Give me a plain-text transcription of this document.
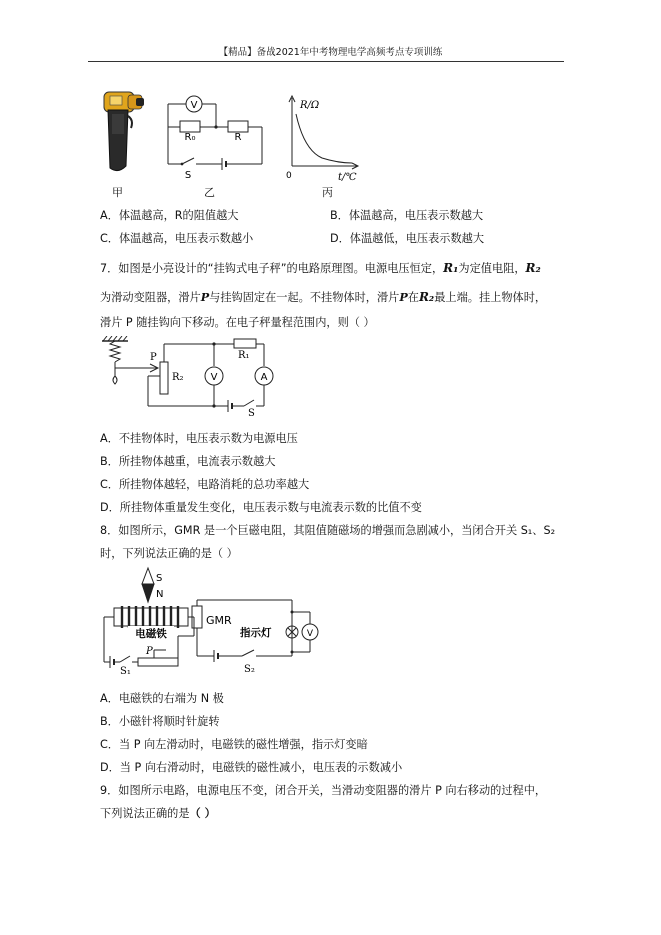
【精品】备战2021年中考物理电学高频考点专项训练
V
R₀	R
S
R/Ω
0	t/℃
甲	乙	丙
A．体温越高，R的阻值越大	B．体温越高，电压表示数越大
C．体温越高，电压表示数越小	D．体温越低，电压表示数越大
7．如图是小亮设计的“挂钩式电子秤”的电路原理图。电源电压恒定，R₁为定值电阻，R₂
为滑动变阻器，滑片P与挂钩固定在一起。不挂物体时，滑片P在R₂最上端。挂上物体时，
滑片 P 随挂钩向下移动。在电子秤量程范围内，则（ ）
P
R₂
R₁
V	A
S
A．不挂物体时，电压表示数为电源电压
B．所挂物体越重，电流表示数越大
C．所挂物体越轻，电路消耗的总功率越大
D．所挂物体重量发生变化，电压表示数与电流表示数的比值不变
8．如图所示，GMR 是一个巨磁电阻，其阻值随磁场的增强而急剧减小，当闭合开关 S₁、S₂
时，下列说法正确的是（ ）
S
N
电磁铁
P
S₁
GMR
指示灯	V
S₂
A．电磁铁的右端为 N 极
B．小磁针将顺时针旋转
C．当 P 向左滑动时，电磁铁的磁性增强，指示灯变暗
D．当 P 向右滑动时，电磁铁的磁性减小，电压表的示数减小
9．如图所示电路，电源电压不变，闭合开关，当滑动变阻器的滑片 P 向右移动的过程中，
下列说法正确的是（ ）
